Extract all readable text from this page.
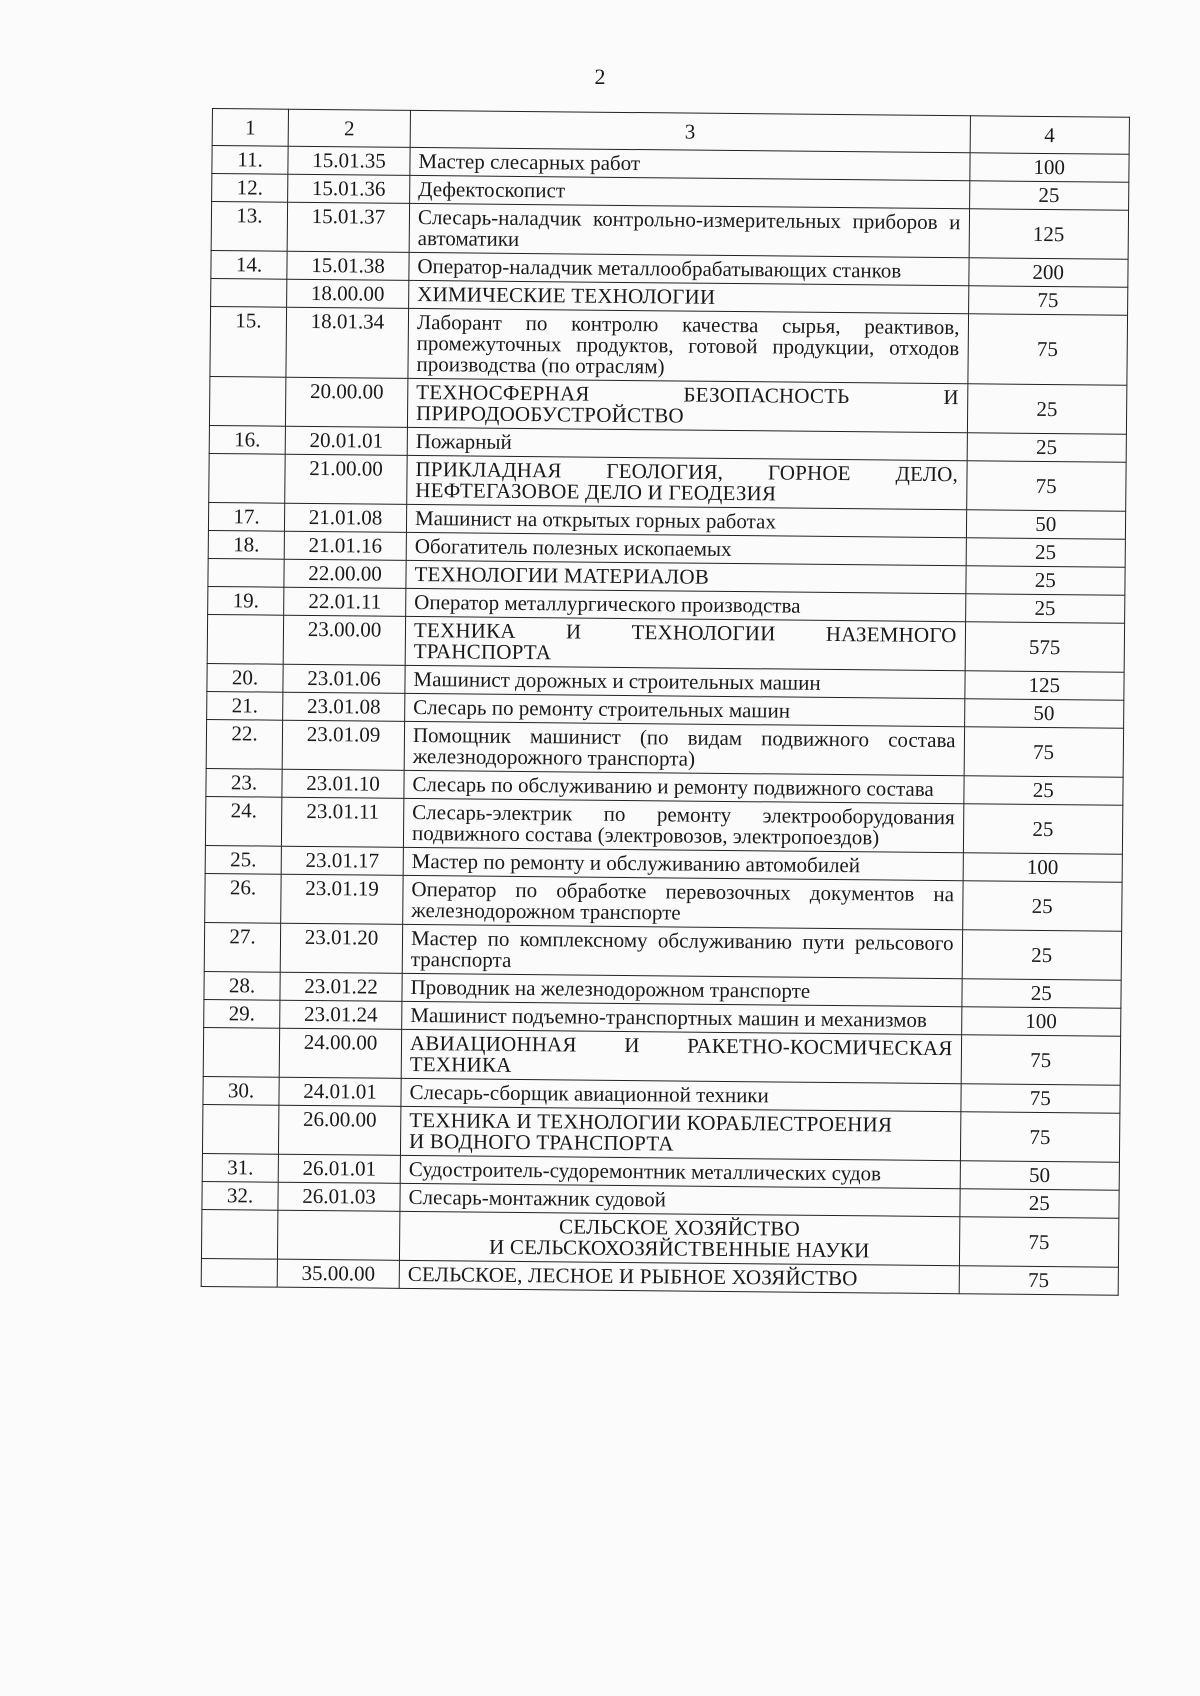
2
1	2	3	4
11.	15.01.35	Мастер слесарных работ	100
12.	15.01.36	Дефектоскопист	25
13.	15.01.37	Слесарь-наладчик контрольно-измерительных приборов и автоматики	125
14.	15.01.38	Оператор-наладчик металлообрабатывающих станков	200
	18.00.00	ХИМИЧЕСКИЕ ТЕХНОЛОГИИ	75
15.	18.01.34	Лаборант по контролю качества сырья, реактивов, промежуточных продуктов, готовой продукции, отходов производства (по отраслям)	75
	20.00.00	ТЕХНОСФЕРНАЯ БЕЗОПАСНОСТЬ И ПРИРОДООБУСТРОЙСТВО	25
16.	20.01.01	Пожарный	25
	21.00.00	ПРИКЛАДНАЯ ГЕОЛОГИЯ, ГОРНОЕ ДЕЛО, НЕФТЕГАЗОВОЕ ДЕЛО И ГЕОДЕЗИЯ	75
17.	21.01.08	Машинист на открытых горных работах	50
18.	21.01.16	Обогатитель полезных ископаемых	25
	22.00.00	ТЕХНОЛОГИИ МАТЕРИАЛОВ	25
19.	22.01.11	Оператор металлургического производства	25
	23.00.00	ТЕХНИКА И ТЕХНОЛОГИИ НАЗЕМНОГО ТРАНСПОРТА	575
20.	23.01.06	Машинист дорожных и строительных машин	125
21.	23.01.08	Слесарь по ремонту строительных машин	50
22.	23.01.09	Помощник машинист (по видам подвижного состава железнодорожного транспорта)	75
23.	23.01.10	Слесарь по обслуживанию и ремонту подвижного состава	25
24.	23.01.11	Слесарь-электрик по ремонту электрооборудования подвижного состава (электровозов, электропоездов)	25
25.	23.01.17	Мастер по ремонту и обслуживанию автомобилей	100
26.	23.01.19	Оператор по обработке перевозочных документов на железнодорожном транспорте	25
27.	23.01.20	Мастер по комплексному обслуживанию пути рельсового транспорта	25
28.	23.01.22	Проводник на железнодорожном транспорте	25
29.	23.01.24	Машинист подъемно-транспортных машин и механизмов	100
	24.00.00	АВИАЦИОННАЯ И РАКЕТНО-КОСМИЧЕСКАЯ ТЕХНИКА	75
30.	24.01.01	Слесарь-сборщик авиационной техники	75
	26.00.00	ТЕХНИКА И ТЕХНОЛОГИИ КОРАБЛЕСТРОЕНИЯ
И ВОДНОГО ТРАНСПОРТА	75
31.	26.01.01	Судостроитель-судоремонтник металлических судов	50
32.	26.01.03	Слесарь-монтажник судовой	25
		СЕЛЬСКОЕ ХОЗЯЙСТВО
И СЕЛЬСКОХОЗЯЙСТВЕННЫЕ НАУКИ	75
	35.00.00	СЕЛЬСКОЕ, ЛЕСНОЕ И РЫБНОЕ ХОЗЯЙСТВО	75
